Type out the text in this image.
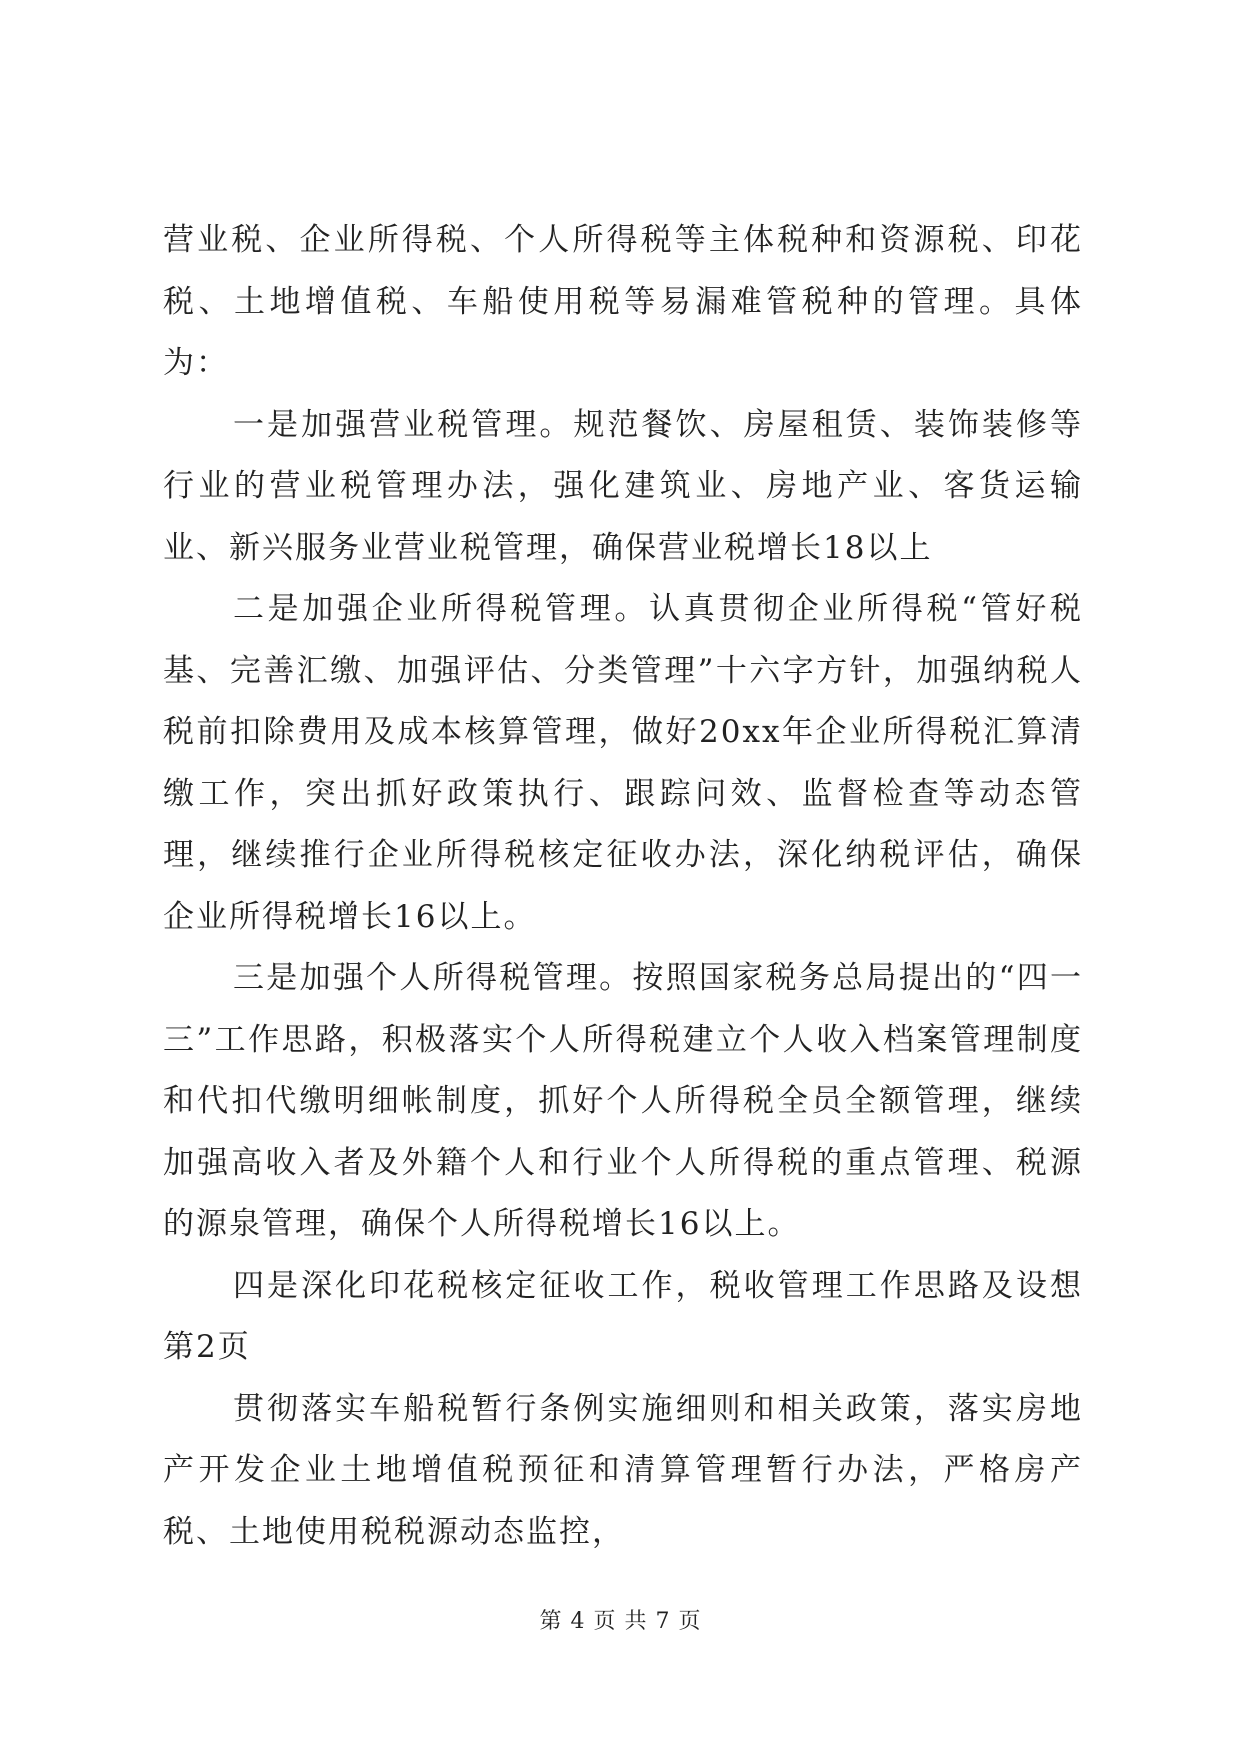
营业税、企业所得税、个人所得税等主体税种和资源税、印花税、土地增值税、车船使用税等易漏难管税种的管理。具体为：

一是加强营业税管理。规范餐饮、房屋租赁、装饰装修等行业的营业税管理办法，强化建筑业、房地产业、客货运输业、新兴服务业营业税管理，确保营业税增长18以上

二是加强企业所得税管理。认真贯彻企业所得税“管好税基、完善汇缴、加强评估、分类管理”十六字方针，加强纳税人税前扣除费用及成本核算管理，做好20xx年企业所得税汇算清缴工作，突出抓好政策执行、跟踪问效、监督检查等动态管理，继续推行企业所得税核定征收办法，深化纳税评估，确保企业所得税增长16以上。

三是加强个人所得税管理。按照国家税务总局提出的“四一三”工作思路，积极落实个人所得税建立个人收入档案管理制度和代扣代缴明细帐制度，抓好个人所得税全员全额管理，继续加强高收入者及外籍个人和行业个人所得税的重点管理、税源的源泉管理，确保个人所得税增长16以上。

四是深化印花税核定征收工作，税收管理工作思路及设想第2页

贯彻落实车船税暂行条例实施细则和相关政策，落实房地产开发企业土地增值税预征和清算管理暂行办法，严格房产税、土地使用税税源动态监控，

第 4 页 共 7 页
